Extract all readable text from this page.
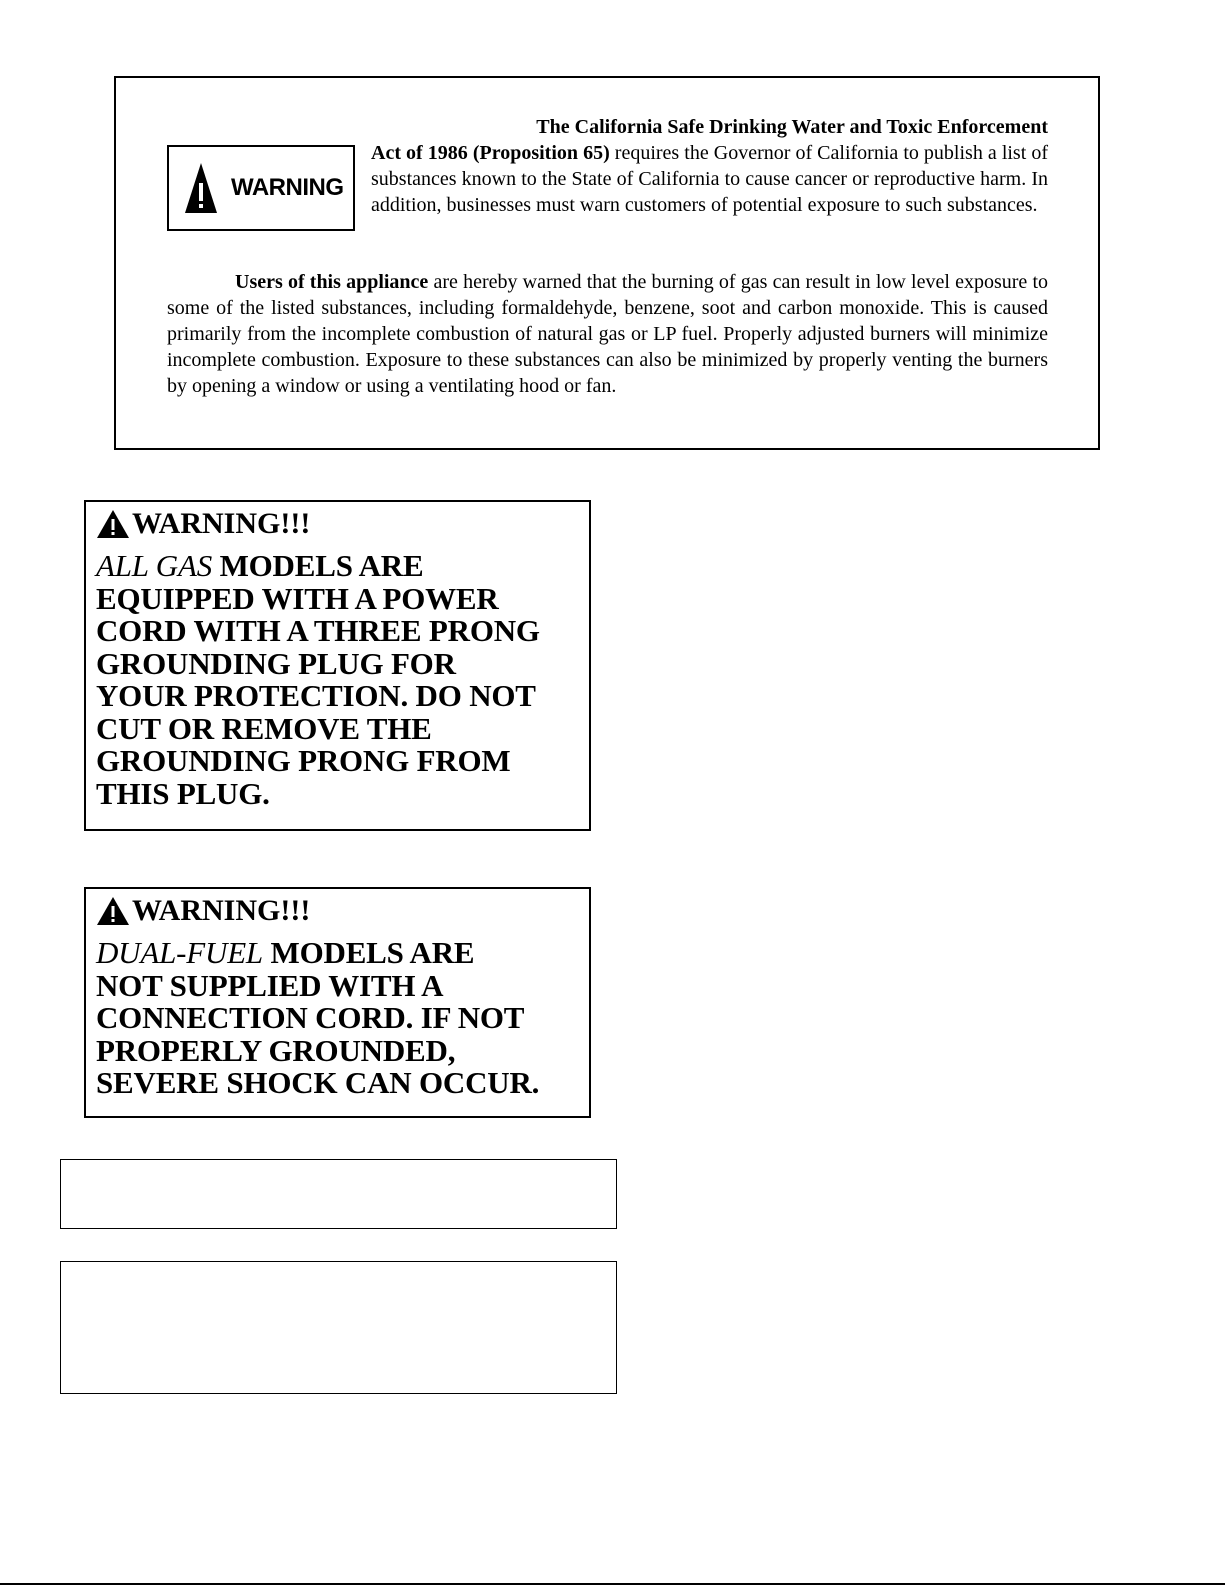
WARNING

The California Safe Drinking Water and Toxic Enforcement
Act of 1986 (Proposition 65) requires the Governor of California to publish a list of substances known to the State of California to cause cancer or reproductive harm. In addition, businesses must warn customers of potential exposure to such substances.

Users of this appliance are hereby warned that the burning of gas can result in low level exposure to some of the listed substances, including formaldehyde, benzene, soot and carbon monoxide. This is caused primarily from the incomplete combustion of natural gas or LP fuel. Properly adjusted burners will minimize incomplete combustion. Exposure to these substances can also be minimized by properly venting the burners by opening a window or using a ventilating hood or fan.

WARNING!!!
ALL GAS MODELS ARE
EQUIPPED WITH A POWER
CORD WITH A THREE PRONG
GROUNDING PLUG FOR
YOUR PROTECTION. DO NOT
CUT OR REMOVE THE
GROUNDING PRONG FROM
THIS PLUG.
WARNING!!!
DUAL-FUEL MODELS ARE
NOT SUPPLIED WITH A
CONNECTION CORD. IF NOT
PROPERLY GROUNDED,
SEVERE SHOCK CAN OCCUR.
